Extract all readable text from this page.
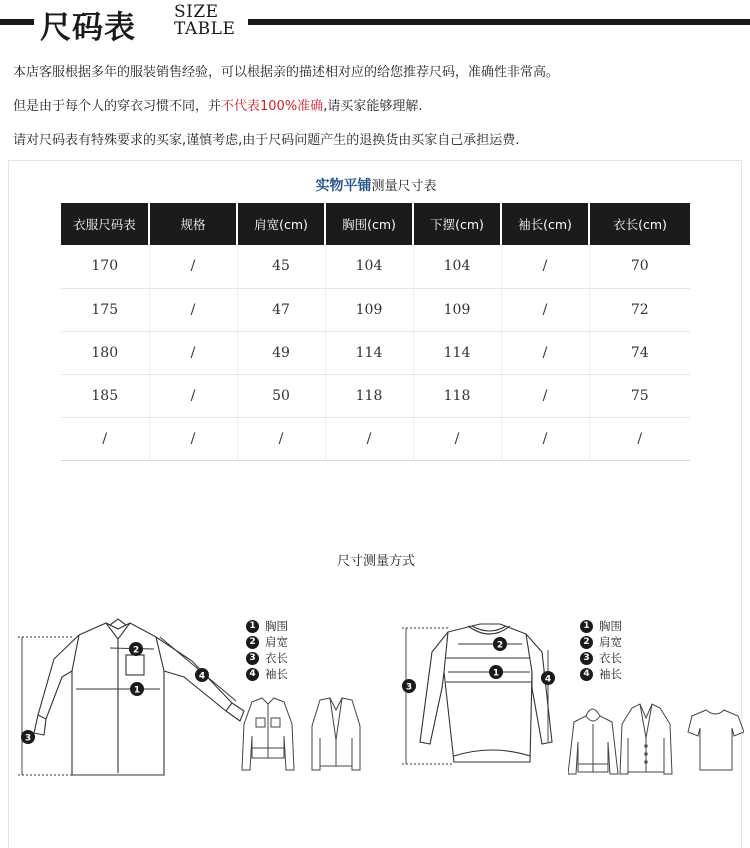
尺码表 SIZE
TABLE

本店客服根据多年的服装销售经验，可以根据亲的描述相对应的给您推荐尺码，准确性非常高。

但是由于每个人的穿衣习惯不同，并不代表100%准确,请买家能够理解.

请对尺码表有特殊要求的买家,谨慎考虑,由于尺码问题产生的退换货由买家自己承担运费.

实物平铺测量尺寸表
衣服尺码表	规格	肩宽(cm)	胸围(cm)	下摆(cm)	袖长(cm)	衣长(cm)
170	/	45	104	104	/	70
175	/	47	109	109	/	72
180	/	49	114	114	/	74
185	/	50	118	118	/	75
/	/	/	/	/	/	/
尺寸测量方式
1
2
4
3
1 胸围
2 肩宽
3 衣长
4 袖长
2
1
3
4
1 胸围
2 肩宽
3 衣长
4 袖长
